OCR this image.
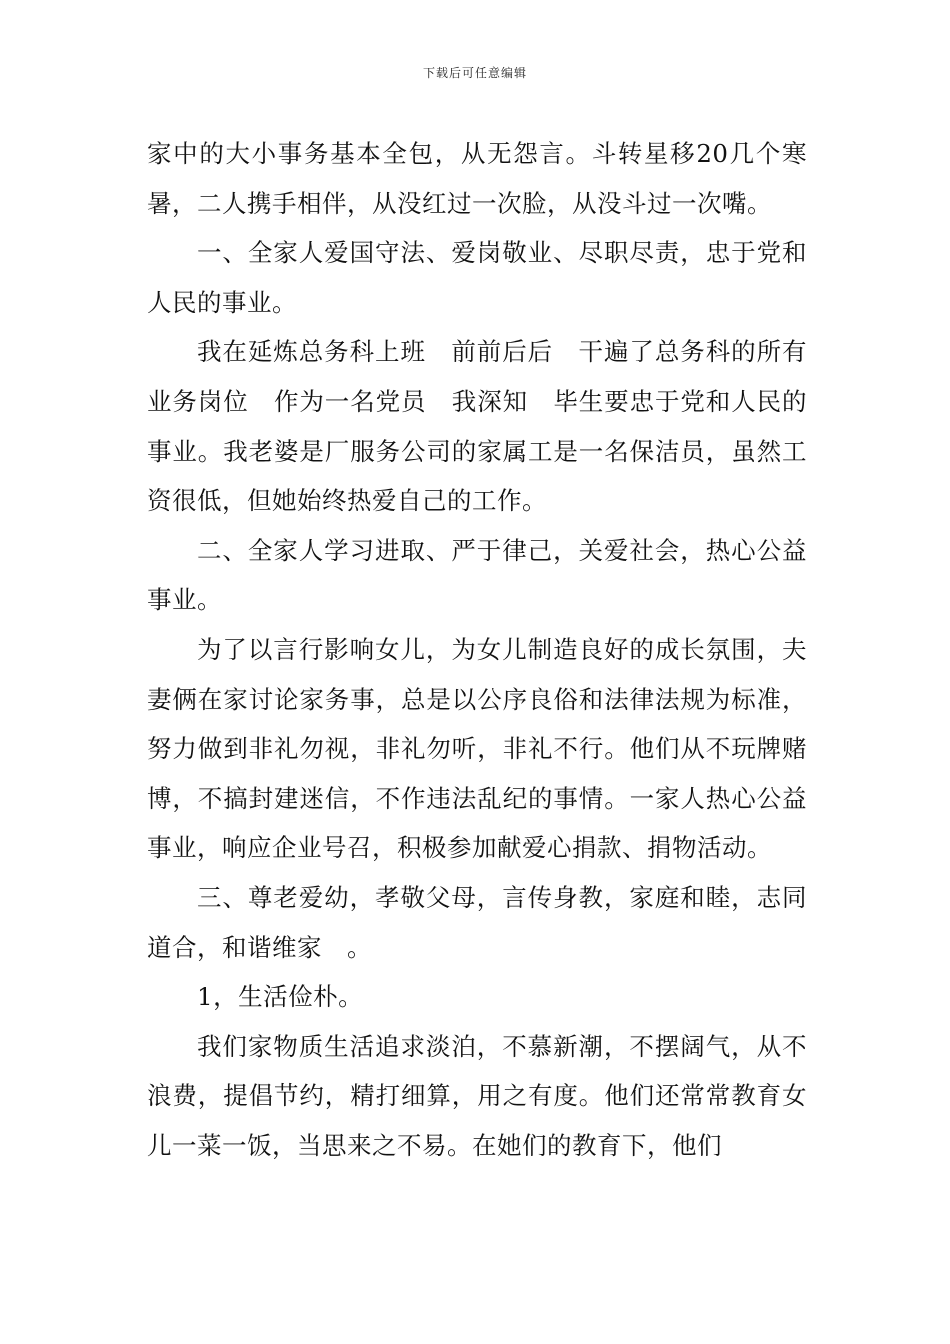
下载后可任意编辑

家中的大小事务基本全包，从无怨言。斗转星移20几个寒暑，二人携手相伴，从没红过一次脸，从没斗过一次嘴。

一、全家人爱国守法、爱岗敬业、尽职尽责，忠于党和人民的事业。

我在延炼总务科上班　前前后后　干遍了总务科的所有业务岗位　作为一名党员　我深知　毕生要忠于党和人民的事业。我老婆是厂服务公司的家属工是一名保洁员，虽然工资很低，但她始终热爱自己的工作。

二、全家人学习进取、严于律己，关爱社会，热心公益事业。

为了以言行影响女儿，为女儿制造良好的成长氛围，夫妻俩在家讨论家务事，总是以公序良俗和法律法规为标准，努力做到非礼勿视，非礼勿听，非礼不行。他们从不玩牌赌博，不搞封建迷信，不作违法乱纪的事情。一家人热心公益事业，响应企业号召，积极参加献爱心捐款、捐物活动。

三、尊老爱幼，孝敬父母，言传身教，家庭和睦，志同道合，和谐维家　。

1，生活俭朴。

我们家物质生活追求淡泊，不慕新潮，不摆阔气，从不浪费，提倡节约，精打细算，用之有度。他们还常常教育女儿一菜一饭，当思来之不易。在她们的教育下，他们
